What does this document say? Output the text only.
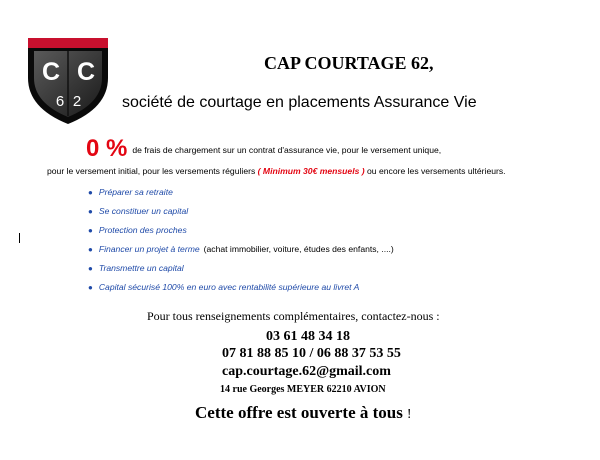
C C
6 2
CAP COURTAGE 62,
société de courtage en placements Assurance Vie
0 % de frais de chargement sur un contrat d'assurance vie, pour le versement unique,
pour le versement initial, pour les versements réguliers ( Minimum 30€ mensuels ) ou encore les versements ultérieurs.
● Préparer sa retraite
● Se constituer un capital
● Protection des proches
● Financer un projet à terme (achat immobilier, voiture, études des enfants, ....)
● Transmettre un capital
● Capital sécurisé 100% en euro avec rentabilité supérieure au livret A
Pour tous renseignements complémentaires, contactez-nous :
03 61 48 34 18
07 81 88 85 10 / 06 88 37 53 55
cap.courtage.62@gmail.com
14 rue Georges MEYER 62210 AVION
Cette offre est ouverte à tous !
